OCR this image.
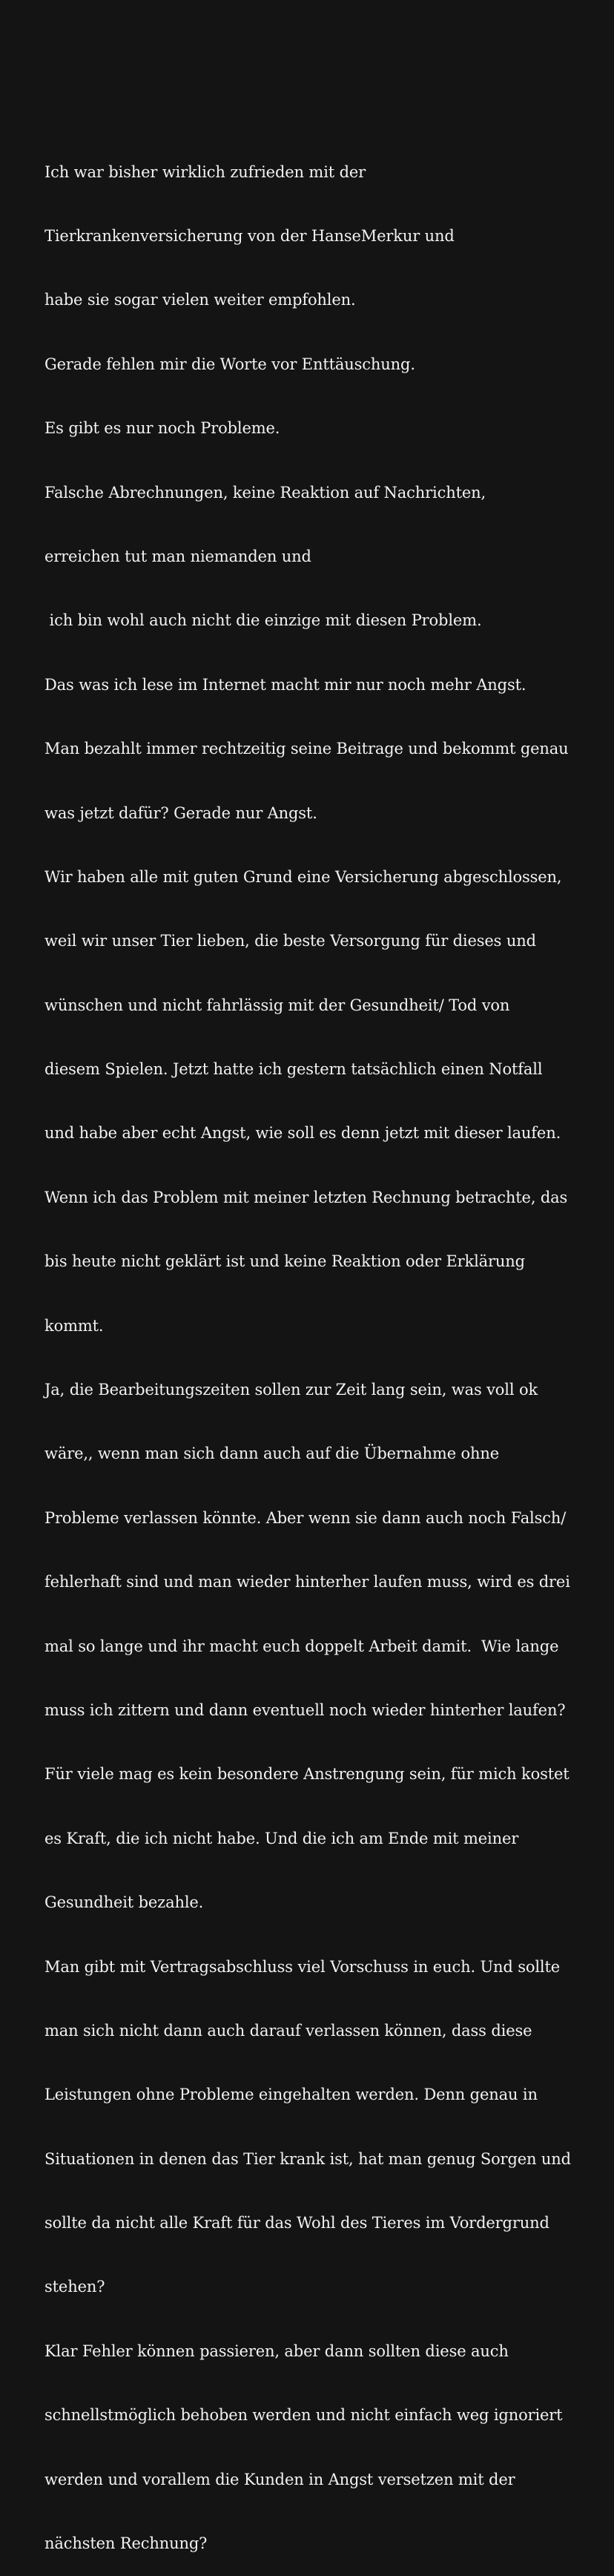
Ich war bisher wirklich zufrieden mit der

Tierkrankenversicherung von der HanseMerkur und

habe sie sogar vielen weiter empfohlen.

Gerade fehlen mir die Worte vor Enttäuschung.

Es gibt es nur noch Probleme.

Falsche Abrechnungen, keine Reaktion auf Nachrichten,

erreichen tut man niemanden und

ich bin wohl auch nicht die einzige mit diesen Problem.

Das was ich lese im Internet macht mir nur noch mehr Angst.

Man bezahlt immer rechtzeitig seine Beitrage und bekommt genau

was jetzt dafür? Gerade nur Angst.

Wir haben alle mit guten Grund eine Versicherung abgeschlossen,

weil wir unser Tier lieben, die beste Versorgung für dieses und

wünschen und nicht fahrlässig mit der Gesundheit/ Tod von

diesem Spielen. Jetzt hatte ich gestern tatsächlich einen Notfall

und habe aber echt Angst, wie soll es denn jetzt mit dieser laufen.

Wenn ich das Problem mit meiner letzten Rechnung betrachte, das

bis heute nicht geklärt ist und keine Reaktion oder Erklärung

kommt.

Ja, die Bearbeitungszeiten sollen zur Zeit lang sein, was voll ok

wäre,, wenn man sich dann auch auf die Übernahme ohne

Probleme verlassen könnte. Aber wenn sie dann auch noch Falsch/

fehlerhaft sind und man wieder hinterher laufen muss, wird es drei

mal so lange und ihr macht euch doppelt Arbeit damit.  Wie lange

muss ich zittern und dann eventuell noch wieder hinterher laufen?

Für viele mag es kein besondere Anstrengung sein, für mich kostet

es Kraft, die ich nicht habe. Und die ich am Ende mit meiner

Gesundheit bezahle.

Man gibt mit Vertragsabschluss viel Vorschuss in euch. Und sollte

man sich nicht dann auch darauf verlassen können, dass diese

Leistungen ohne Probleme eingehalten werden. Denn genau in

Situationen in denen das Tier krank ist, hat man genug Sorgen und

sollte da nicht alle Kraft für das Wohl des Tieres im Vordergrund

stehen?

Klar Fehler können passieren, aber dann sollten diese auch

schnellstmöglich behoben werden und nicht einfach weg ignoriert

werden und vorallem die Kunden in Angst versetzen mit der

nächsten Rechnung?
